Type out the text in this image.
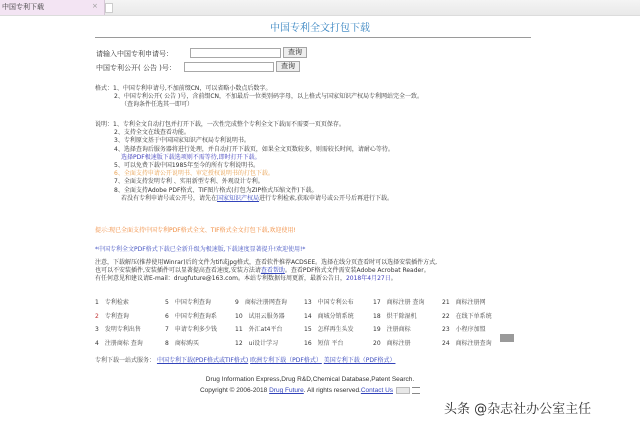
中国专利下载	×
中国专利全文打包下载
请输入中国专利申请号：	查询
中国专利公开( 公告 )号：	查询
格式：1、中国专利申请号,不加前缀CN，可以省略小数点后数字。
2、中国专利公开( 公告 )号，含前缀CN，不加最后一位类别码字母，以上格式与国家知识产权局专利网站完全一致。
（查询条件任选其一即可）
说明：1、专利全文自动打包并打开下载，一次性完成整个专利全文下载而不需要一页页保存。
2、支持全文在线查看功能。
3、专利原文基于中国国家知识产权局专利说明书。
4、选择查询后服务器将进行处理，并自动打开下载页，如果全文页数较多，则需较长时间，请耐心等待。
选择PDF极速版下载选项则不需等待,即时打开下载。
5、可以免费下载中国1985年至今的所有专利说明书。
6、全面支持申请公开说明书、审定授权说明书的打包下载。
7、全面支持发明专利 、实用新型专利、外观设计专利。
8、全面支持Adobe PDF格式、TIF图片格式(打包为ZIP格式压缩文件)下载。
若没有专利申请号或公开号，请先在国家知识产权局进行专利检索,获取申请号或公开号后再进行下载。
提示:现已全面支持中国专利PDF格式全文、TIF格式全文打包下载,欢迎使用!
*中国专利全文PDF格式下载已全新升级为极速版,下载速度显著提升!欢迎使用!*
注意，下载解压(推荐使用Winrar)后的文件为tif或jpg格式，查看软件推荐ACDSEE。选择在线分页查看时可以选择安装插件方式,
也可以不安装插件,安装插件可以显著提高查看速度,安装方法请查看帮助。查看PDF格式文件需安装Adobe Acrobat Reader。
有任何意见和建议请E-mail：drugfuture@163.com。本站专利数据每周更新，最新公告日，2018年4月27日。
1 专利检索	5 中国专利查询	9 商标注册网查询	13 中国专利公布	17 商标注册 查询	21 商标注册网
2 专利查询	6 中国专利查询系	10 试用云服务器	14 商城分销系统	18 烘干除湿机	22 在线下单系统
3 发明专利出售	7 申请专利多少钱	11 外汇at4平台	15 怎样再生头发	19 注册商标	23 小程序加盟
4 注册商标 查询	8 商标购买	12 ui设计学习	16 短信 平台	20 商标注册	24 商标注册查询
专利下载一站式服务： 中国专利下载(PDF格式或TIF格式) 欧洲专利下载（PDF格式） 美国专利下载（PDF格式）
Drug Information Express,Drug R&D,Chemical Database,Patent Search.
Copyright © 2006-2018 Drug Future. All rights reserved.Contact Us
头条 @杂志社办公室主任
